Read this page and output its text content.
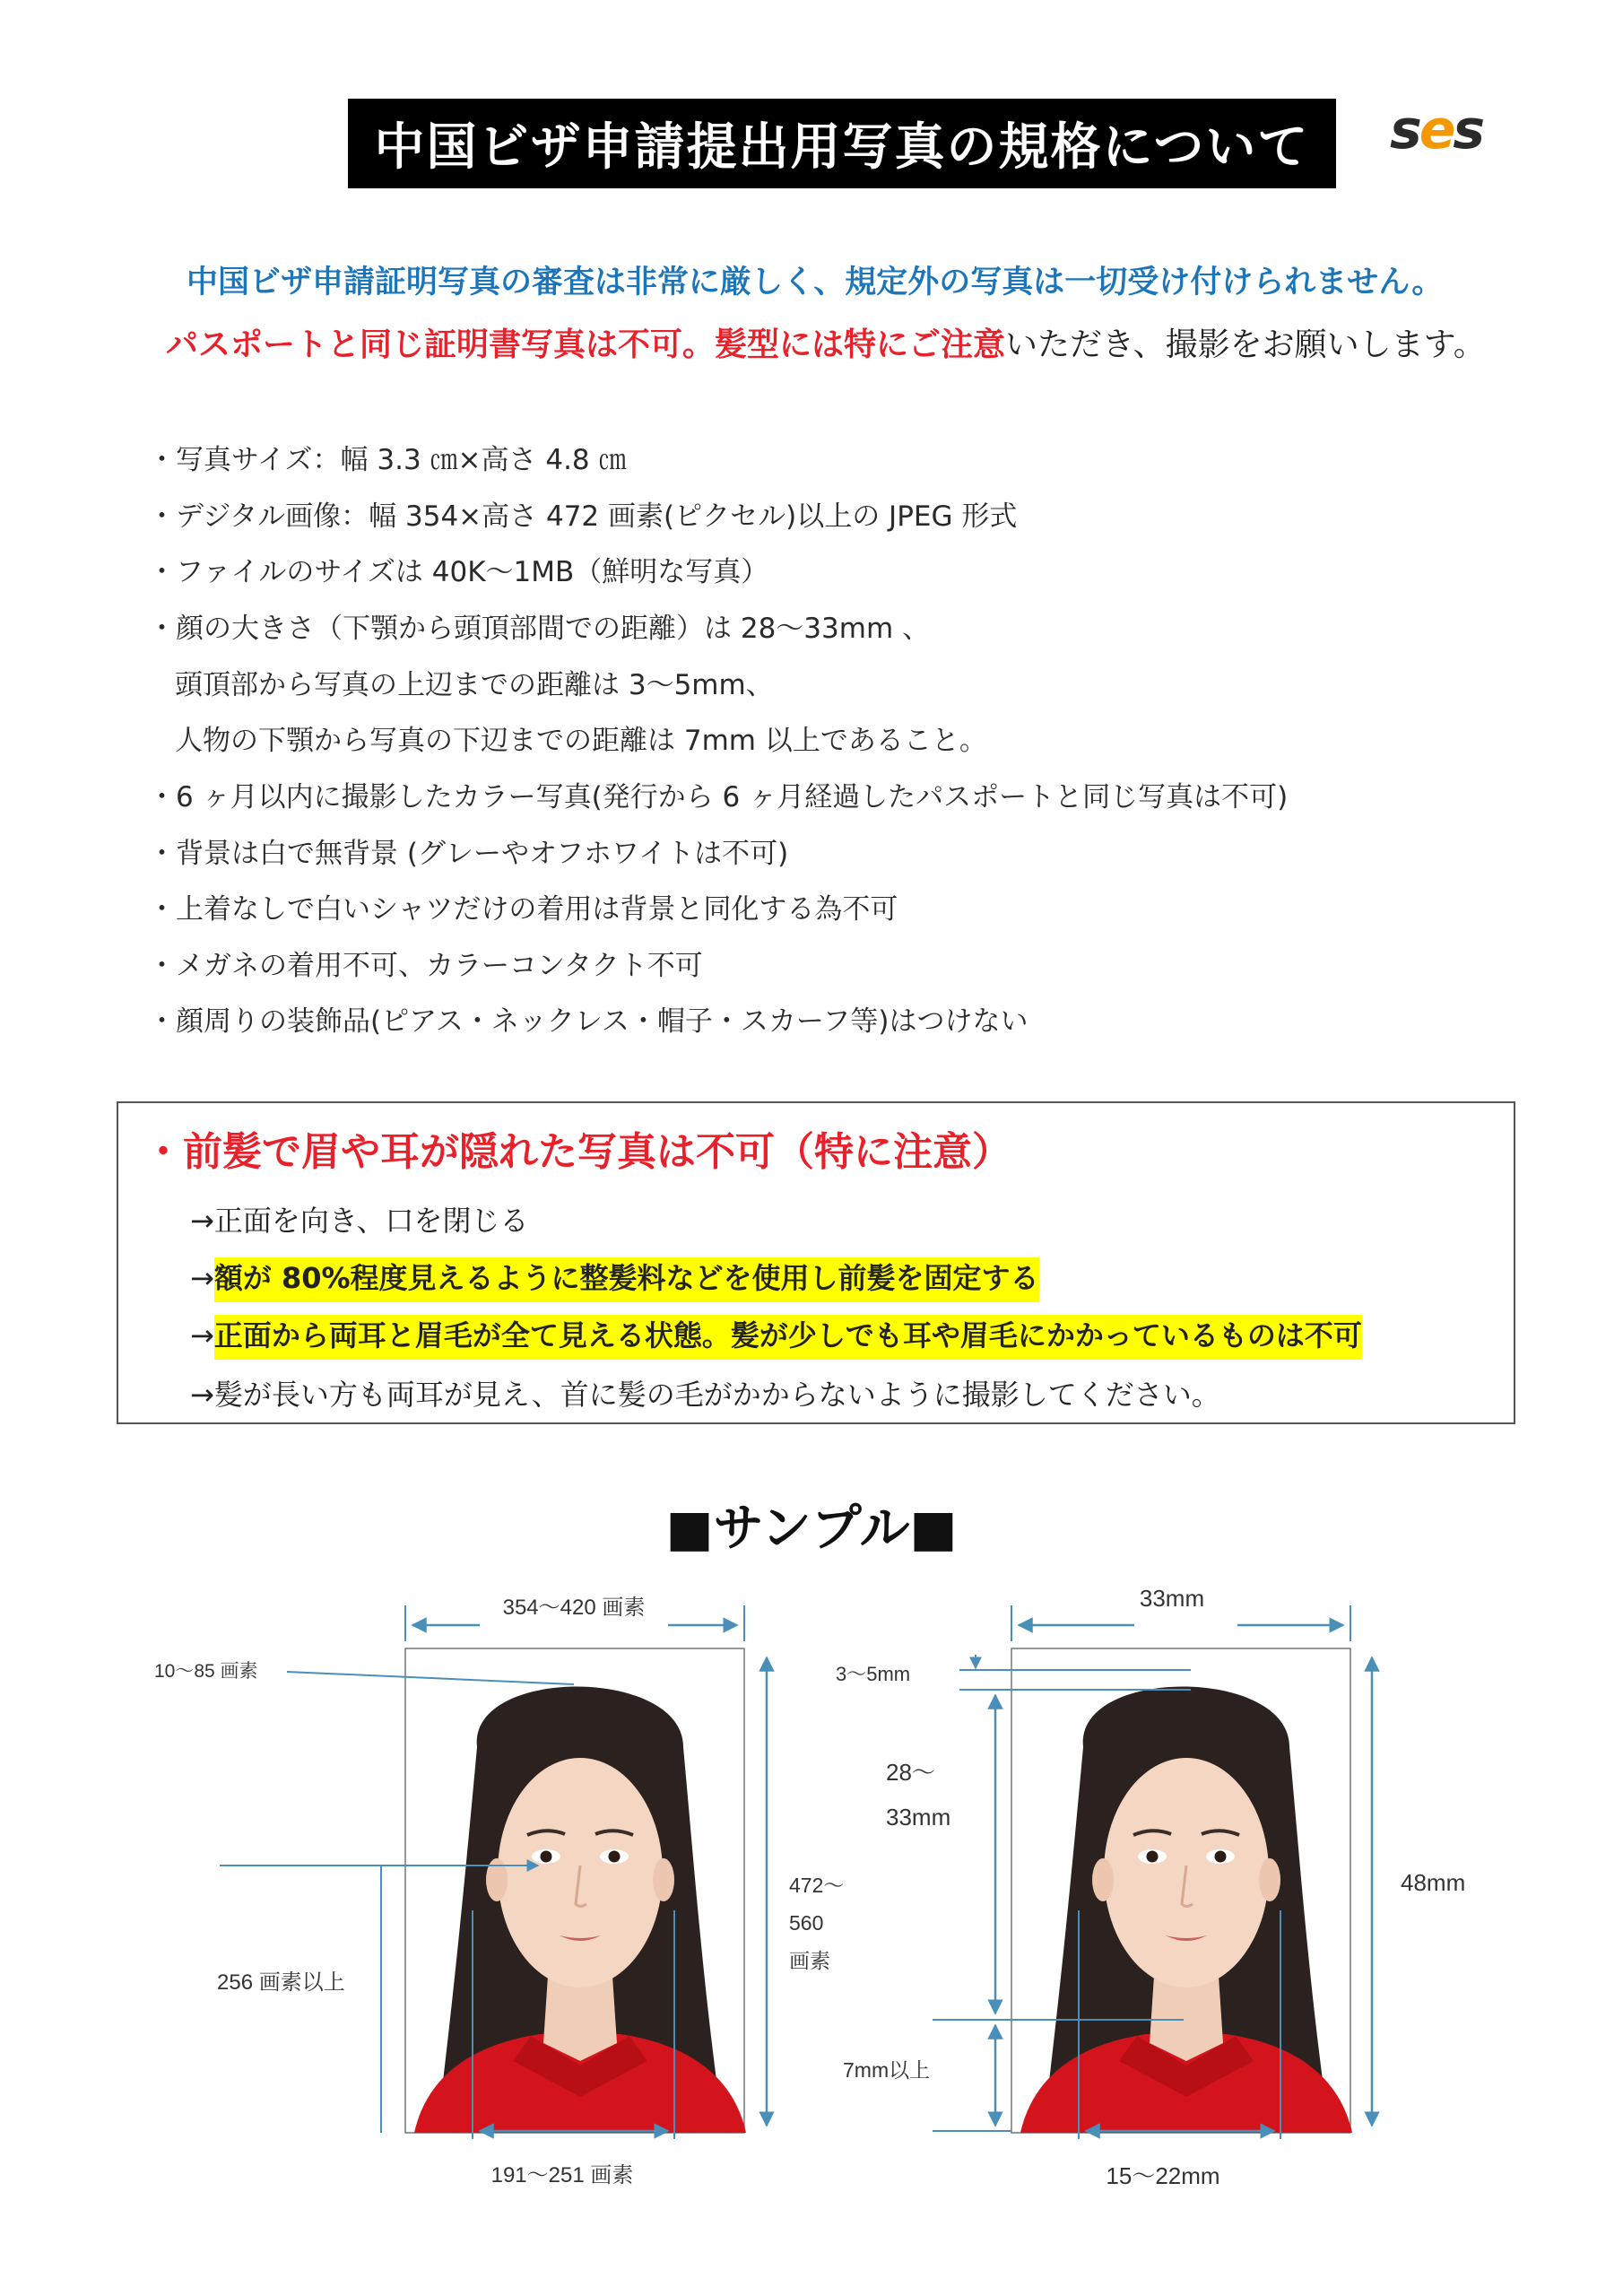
中国ビザ申請提出用写真の規格について	s e s
中国ビザ申請証明写真の審査は非常に厳しく、規定外の写真は一切受け付けられません。
パスポートと同じ証明書写真は不可。髪型には特にご注意いただき、撮影をお願いします。
・写真サイズ：幅 3.3 ㎝×高さ 4.8 ㎝
・デジタル画像：幅 354×高さ 472 画素(ピクセル)以上の JPEG 形式
・ファイルのサイズは 40K～1MB（鮮明な写真）
・顔の大きさ（下顎から頭頂部間での距離）は 28～33mm 、
頭頂部から写真の上辺までの距離は 3～5mm、
人物の下顎から写真の下辺までの距離は 7mm 以上であること。
・6 ヶ月以内に撮影したカラー写真(発行から 6 ヶ月経過したパスポートと同じ写真は不可)
・背景は白で無背景 (グレーやオフホワイトは不可)
・上着なしで白いシャツだけの着用は背景と同化する為不可
・メガネの着用不可、カラーコンタクト不可
・顔周りの装飾品(ピアス・ネックレス・帽子・スカーフ等)はつけない
・前髪で眉や耳が隠れた写真は不可（特に注意）
→正面を向き、口を閉じる
→額が 80%程度見えるように整髪料などを使用し前髪を固定する
→正面から両耳と眉毛が全て見える状態。髪が少しでも耳や眉毛にかかっているものは不可
→髪が長い方も両耳が見え、首に髪の毛がかからないように撮影してください。
■サンプル■
354～420 画素
10～85 画素
256 画素以上
472～
560
画素
191～251 画素
33mm
3～5mm
28～
33mm
48mm
7mm以上
15～22mm
